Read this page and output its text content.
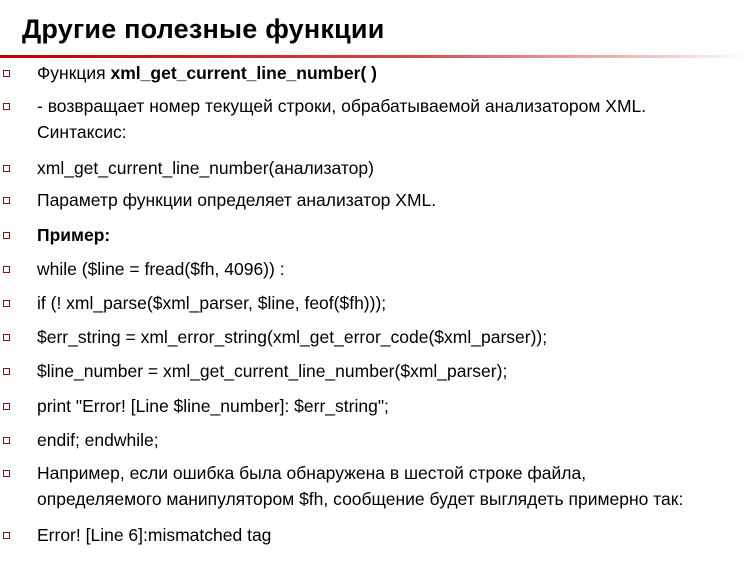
Другие полезные функции
Функция xml_get_current_line_number( )
- возвращает номер текущей строки, обрабатываемой анализатором XML.
Синтаксис:
xml_get_current_line_number(анализатор)
Параметр функции определяет анализатор XML.
Пример:
while ($line = fread($fh, 4096)) :
if (! xml_parse($xml_parser, $line, feof($fh)));
$err_string = xml_error_string(xml_get_error_code($xml_parser));
$line_number = xml_get_current_line_number($xml_parser);
print "Error! [Line $line_number]: $err_string";
endif; endwhile;
Например, если ошибка была обнаружена в шестой строке файла,
определяемого манипулятором $fh, сообщение будет выглядеть примерно так:
Error! [Line 6]:mismatched tag
